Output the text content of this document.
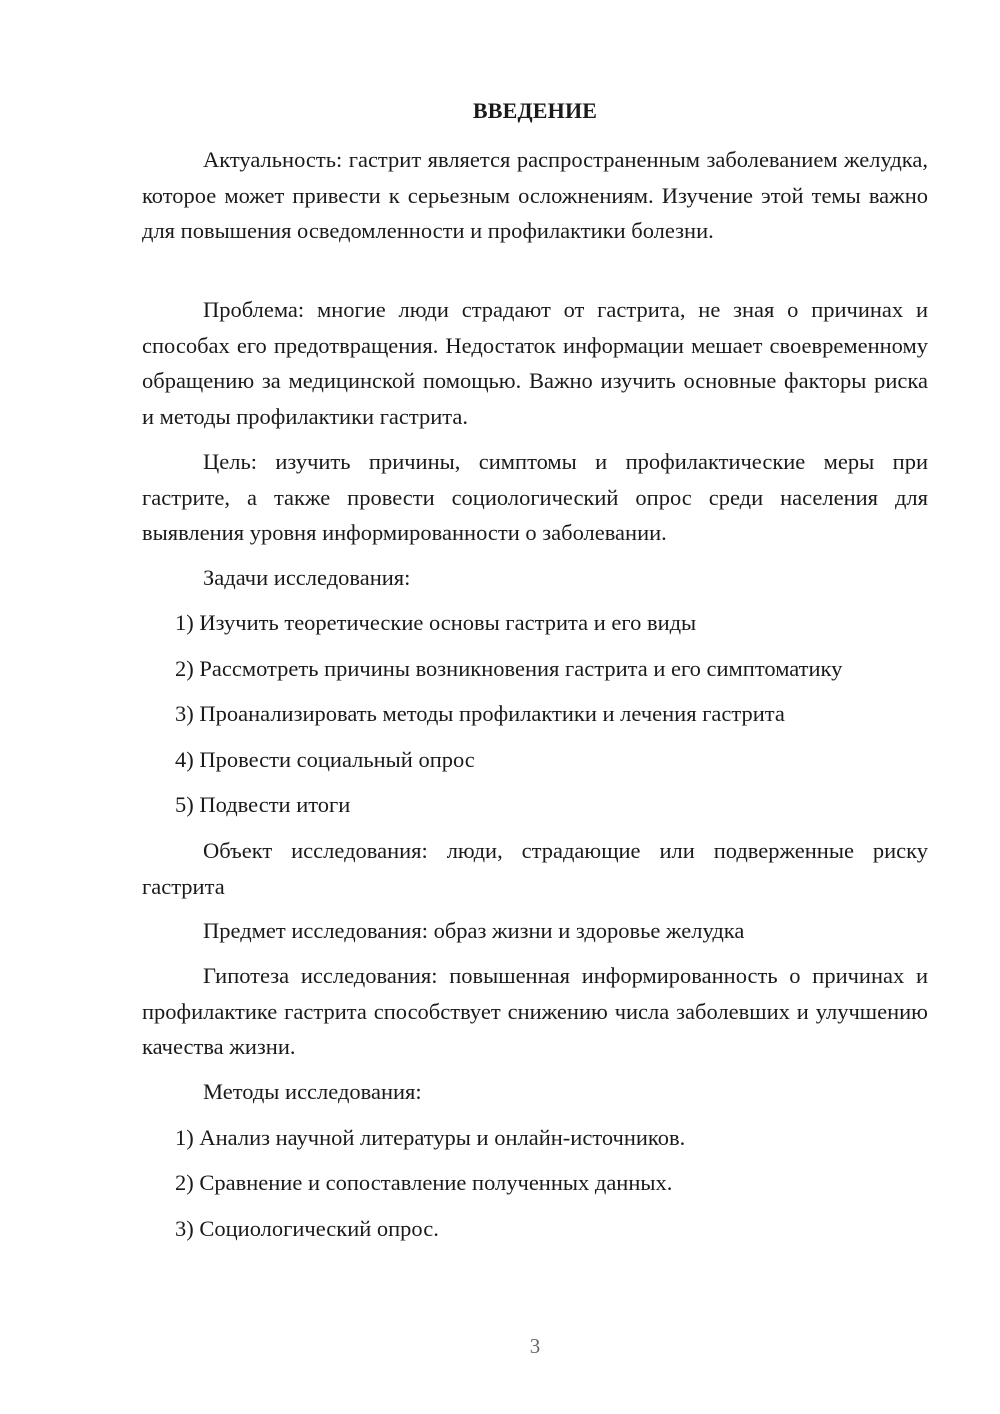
ВВЕДЕНИЕ

Актуальность: гастрит является распространенным заболеванием желудка, которое может привести к серьезным осложнениям. Изучение этой темы важно для повышения осведомленности и профилактики болезни.

Проблема: многие люди страдают от гастрита, не зная о причинах и способах его предотвращения. Недостаток информации мешает своевременному обращению за медицинской помощью. Важно изучить основные факторы риска и методы профилактики гастрита.

Цель: изучить причины, симптомы и профилактические меры при гастрите, а также провести социологический опрос среди населения для выявления уровня информированности о заболевании.

Задачи исследования:
1) Изучить теоретические основы гастрита и его виды
2) Рассмотреть причины возникновения гастрита и его симптоматику
3) Проанализировать методы профилактики и лечения гастрита
4) Провести социальный опрос
5) Подвести итоги

Объект исследования: люди, страдающие или подверженные риску гастрита

Предмет исследования: образ жизни и здоровье желудка

Гипотеза исследования: повышенная информированность о причинах и профилактике гастрита способствует снижению числа заболевших и улучшению качества жизни.

Методы исследования:
1) Анализ научной литературы и онлайн-источников.
2) Сравнение и сопоставление полученных данных.
3) Социологический опрос.
3
